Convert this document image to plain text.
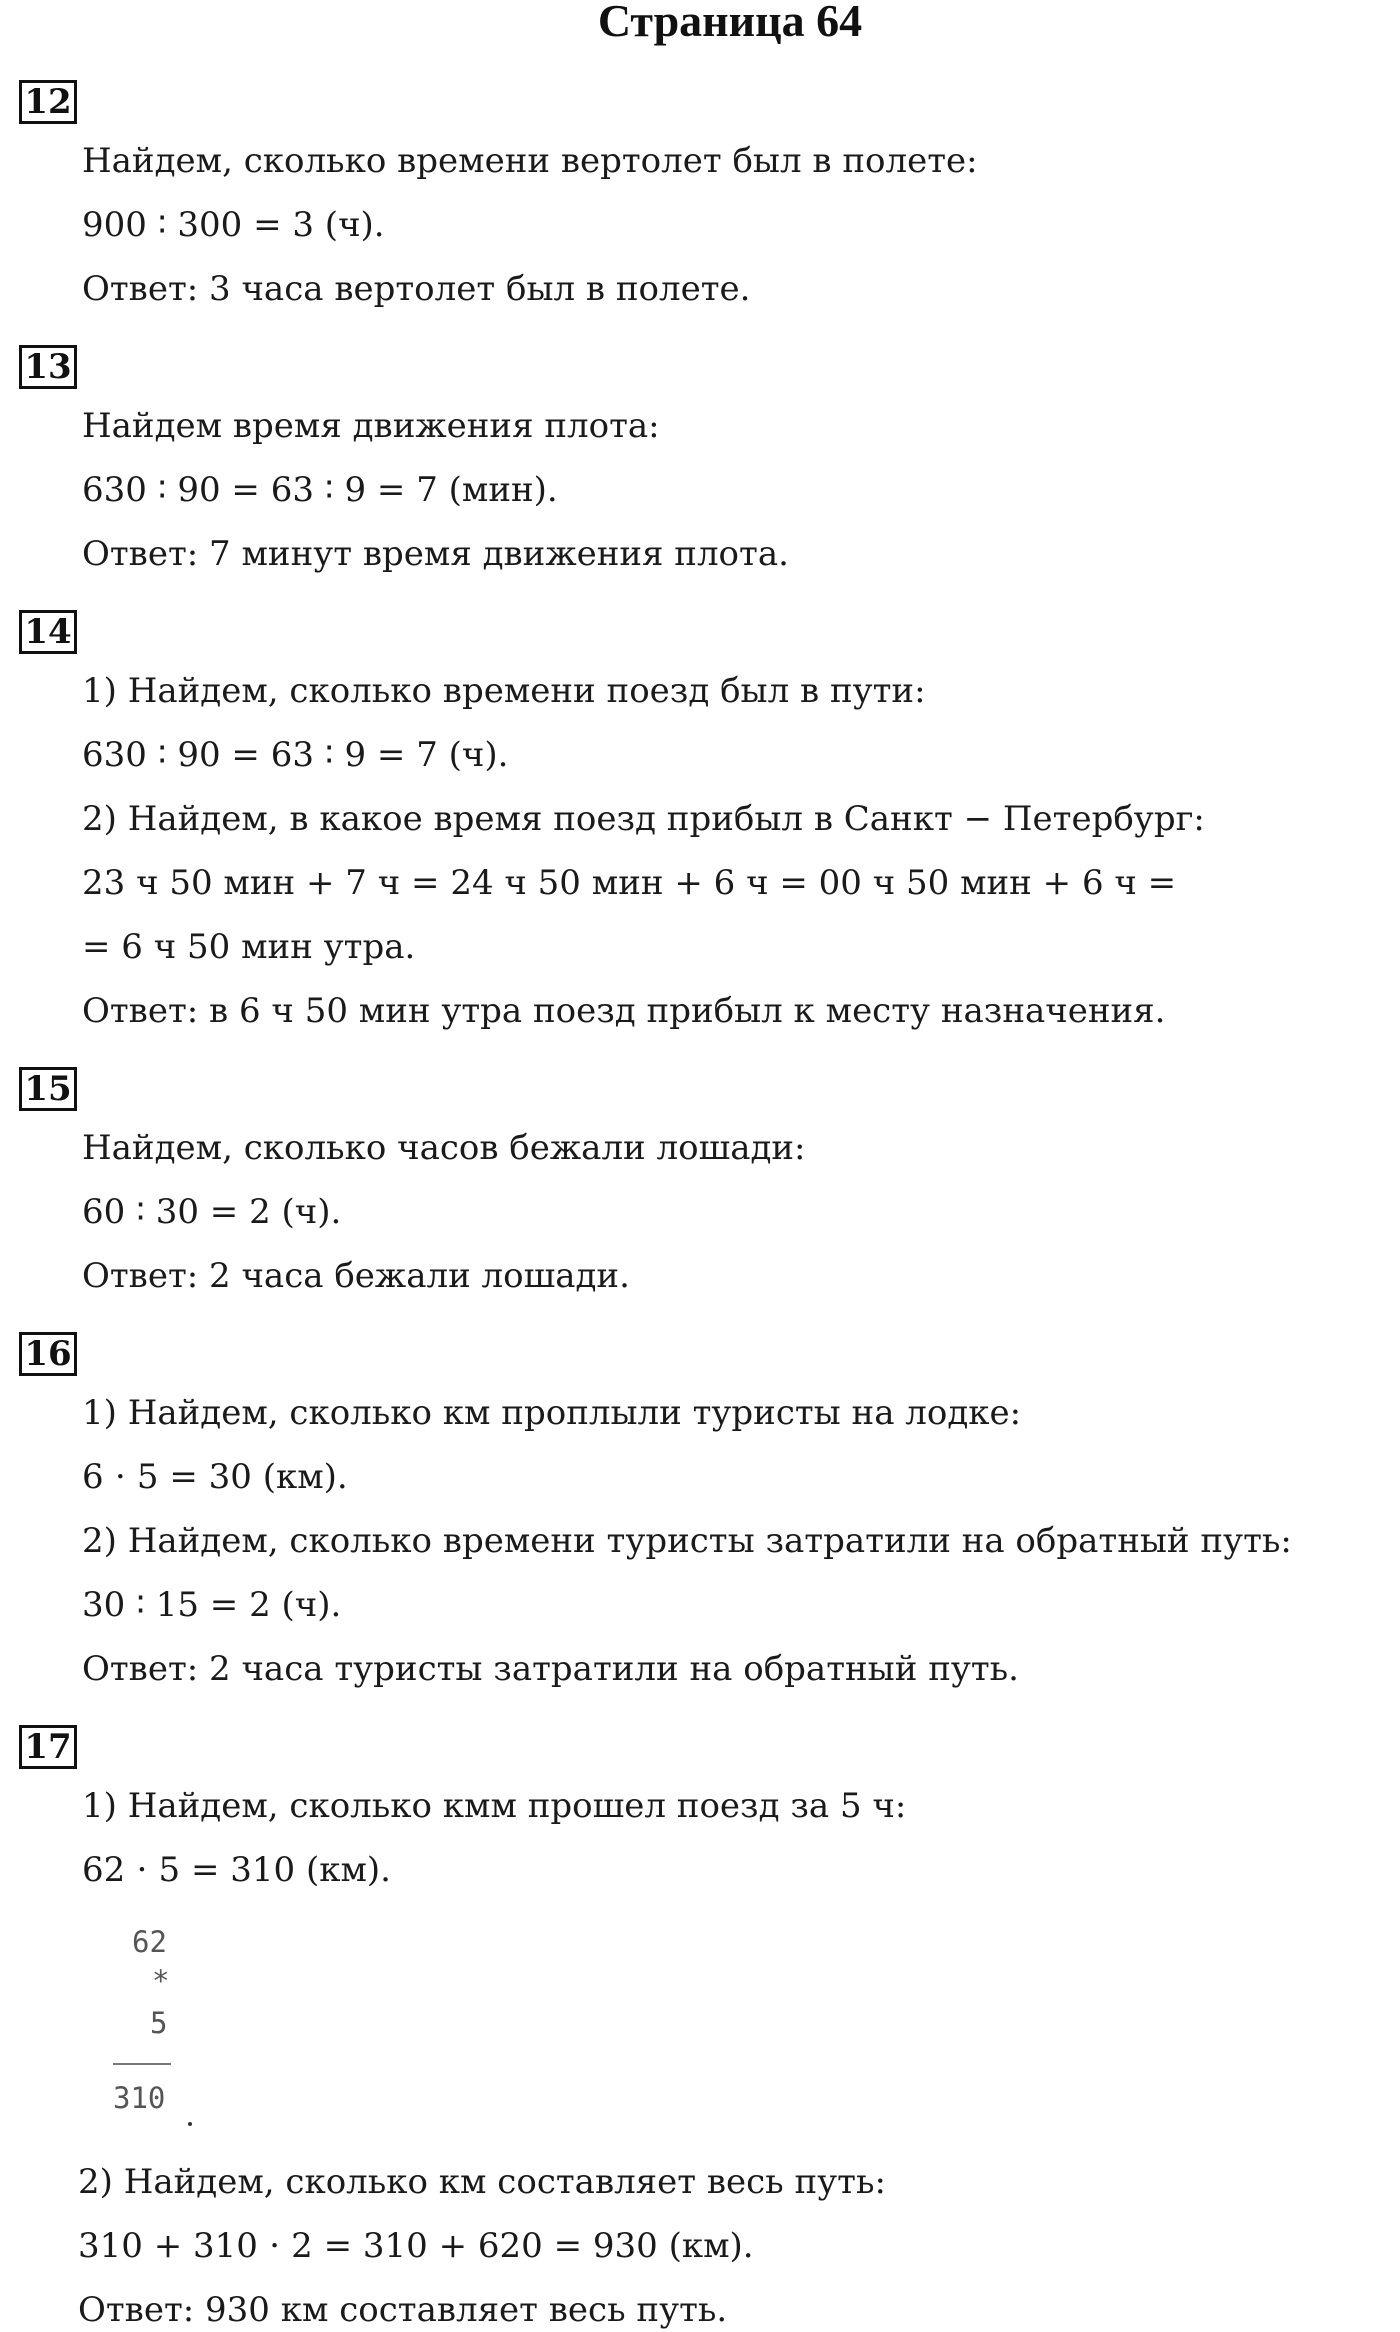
Страница 64
12
Найдем, сколько времени вертолет был в полете:
900 ∶ 300 = 3 (ч).
Ответ: 3 часа вертолет был в полете.
13
Найдем время движения плота:
630 ∶ 90 = 63 ∶ 9 = 7 (мин).
Ответ: 7 минут время движения плота.
14
1) Найдем, сколько времени поезд был в пути:
630 ∶ 90 = 63 ∶ 9 = 7 (ч).
2) Найдем, в какое время поезд прибыл в Санкт − Петербург:
23 ч 50 мин + 7 ч = 24 ч 50 мин + 6 ч = 00 ч 50 мин + 6 ч =
= 6 ч 50 мин утра.
Ответ: в 6 ч 50 мин утра поезд прибыл к месту назначения.
15
Найдем, сколько часов бежали лошади:
60 ∶ 30 = 2 (ч).
Ответ: 2 часа бежали лошади.
16
1) Найдем, сколько км проплыли туристы на лодке:
6 ⋅ 5 = 30 (км).
2) Найдем, сколько времени туристы затратили на обратный путь:
30 ∶ 15 = 2 (ч).
Ответ: 2 часа туристы затратили на обратный путь.
17
1) Найдем, сколько кмм прошел поезд за 5 ч:
62 ⋅ 5 = 310 (км).
62
*
5
310
2) Найдем, сколько км составляет весь путь:
310 + 310 ⋅ 2 = 310 + 620 = 930 (км).
Ответ: 930 км составляет весь путь.
